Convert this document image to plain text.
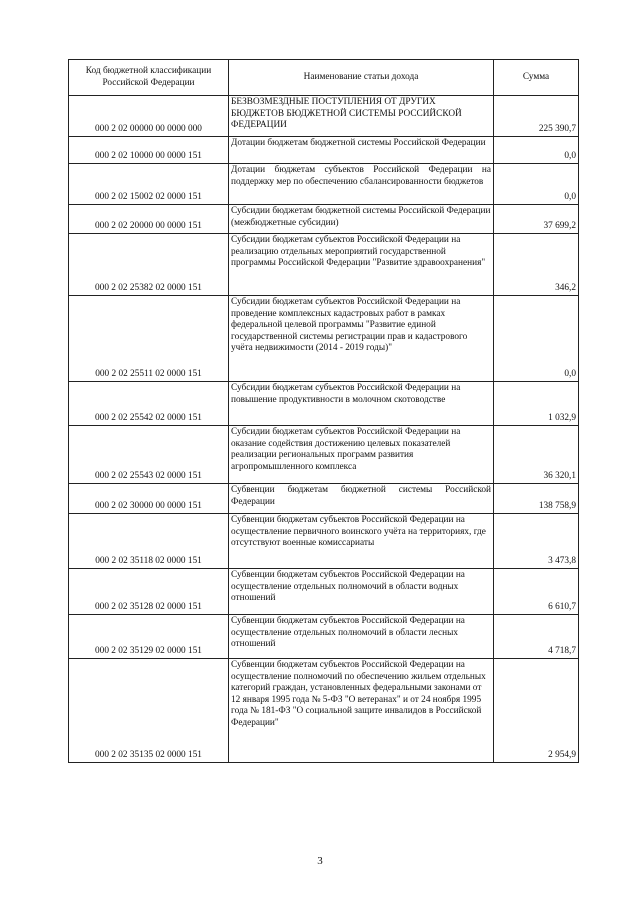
Код бюджетной классификации Российской Федерации	Наименование статьи дохода	Сумма
000 2 02 00000 00 0000 000	БЕЗВОЗМЕЗДНЫЕ ПОСТУПЛЕНИЯ ОТ ДРУГИХ БЮДЖЕТОВ БЮДЖЕТНОЙ СИСТЕМЫ РОССИЙСКОЙ ФЕДЕРАЦИИ	225 390,7
000 2 02 10000 00 0000 151	Дотации бюджетам бюджетной системы Российской Федерации	0,0
000 2 02 15002 02 0000 151	Дотации бюджетам субъектов Российской Федерации на поддержку мер по обеспечению сбалансированности бюджетов	0,0
000 2 02 20000 00 0000 151	Субсидии бюджетам бюджетной системы Российской Федерации (межбюджетные субсидии)	37 699,2
000 2 02 25382 02 0000 151	Субсидии бюджетам субъектов Российской Федерации на реализацию отдельных мероприятий государственной программы Российской Федерации "Развитие здравоохранения"	346,2
000 2 02 25511 02 0000 151	Субсидии бюджетам субъектов Российской Федерации на проведение комплексных кадастровых работ в рамках федеральной целевой программы "Развитие единой государственной системы регистрации прав и кадастрового учёта недвижимости (2014 - 2019 годы)"	0,0
000 2 02 25542 02 0000 151	Субсидии бюджетам субъектов Российской Федерации на повышение продуктивности в молочном скотоводстве	1 032,9
000 2 02 25543 02 0000 151	Субсидии бюджетам субъектов Российской Федерации на оказание содействия достижению целевых показателей реализации региональных программ развития агропромышленного комплекса	36 320,1
000 2 02 30000 00 0000 151	Субвенции бюджетам бюджетной системы Российской Федерации	138 758,9
000 2 02 35118 02 0000 151	Субвенции бюджетам субъектов Российской Федерации на осуществление первичного воинского учёта на территориях, где отсутствуют военные комиссариаты	3 473,8
000 2 02 35128 02 0000 151	Субвенции бюджетам субъектов Российской Федерации на осуществление отдельных полномочий в области водных отношений	6 610,7
000 2 02 35129 02 0000 151	Субвенции бюджетам субъектов Российской Федерации на осуществление отдельных полномочий в области лесных отношений	4 718,7
000 2 02 35135 02 0000 151	Субвенции бюджетам субъектов Российской Федерации на осуществление полномочий по обеспечению жильем отдельных категорий граждан, установленных федеральными законами от 12 января 1995 года № 5-ФЗ "О ветеранах" и от 24 ноября 1995 года № 181-ФЗ "О социальной защите инвалидов в Российской Федерации"	2 954,9
3
